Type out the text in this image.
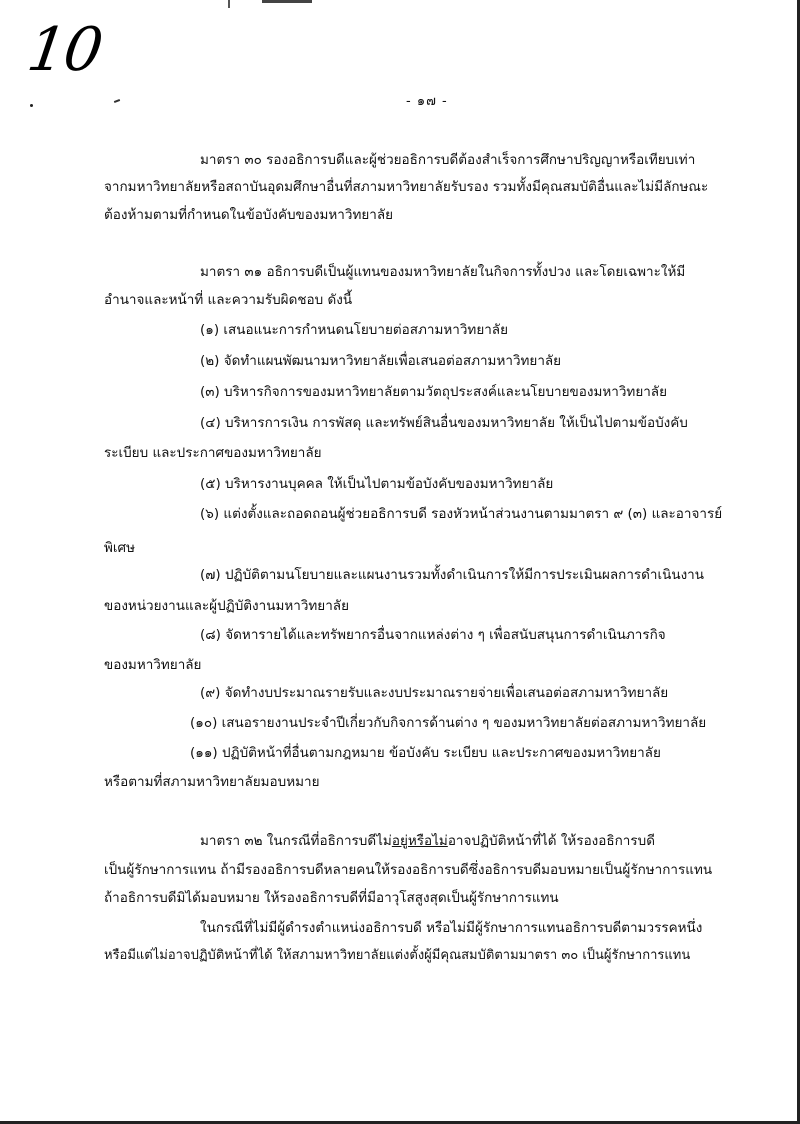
10
- ๑๗ -
มาตรา ๓๐ รองอธิการบดีและผู้ช่วยอธิการบดีต้องสำเร็จการศึกษาปริญญาหรือเทียบเท่า
จากมหาวิทยาลัยหรือสถาบันอุดมศึกษาอื่นที่สภามหาวิทยาลัยรับรอง รวมทั้งมีคุณสมบัติอื่นและไม่มีลักษณะ
ต้องห้ามตามที่กำหนดในข้อบังคับของมหาวิทยาลัย
มาตรา ๓๑ อธิการบดีเป็นผู้แทนของมหาวิทยาลัยในกิจการทั้งปวง และโดยเฉพาะให้มี
อำนาจและหน้าที่ และความรับผิดชอบ ดังนี้
(๑) เสนอแนะการกำหนดนโยบายต่อสภามหาวิทยาลัย
(๒) จัดทำแผนพัฒนามหาวิทยาลัยเพื่อเสนอต่อสภามหาวิทยาลัย
(๓) บริหารกิจการของมหาวิทยาลัยตามวัตถุประสงค์และนโยบายของมหาวิทยาลัย
(๔) บริหารการเงิน การพัสดุ และทรัพย์สินอื่นของมหาวิทยาลัย ให้เป็นไปตามข้อบังคับ
ระเบียบ และประกาศของมหาวิทยาลัย
(๕) บริหารงานบุคคล ให้เป็นไปตามข้อบังคับของมหาวิทยาลัย
(๖) แต่งตั้งและถอดถอนผู้ช่วยอธิการบดี รองหัวหน้าส่วนงานตามมาตรา ๙ (๓) และอาจารย์
พิเศษ
(๗) ปฏิบัติตามนโยบายและแผนงานรวมทั้งดำเนินการให้มีการประเมินผลการดำเนินงาน
ของหน่วยงานและผู้ปฏิบัติงานมหาวิทยาลัย
(๘) จัดหารายได้และทรัพยากรอื่นจากแหล่งต่าง ๆ เพื่อสนับสนุนการดำเนินภารกิจ
ของมหาวิทยาลัย
(๙) จัดทำงบประมาณรายรับและงบประมาณรายจ่ายเพื่อเสนอต่อสภามหาวิทยาลัย
(๑๐) เสนอรายงานประจำปีเกี่ยวกับกิจการด้านต่าง ๆ ของมหาวิทยาลัยต่อสภามหาวิทยาลัย
(๑๑) ปฏิบัติหน้าที่อื่นตามกฎหมาย ข้อบังคับ ระเบียบ และประกาศของมหาวิทยาลัย
หรือตามที่สภามหาวิทยาลัยมอบหมาย
มาตรา ๓๒ ในกรณีที่อธิการบดีไม่อยู่หรือไม่อาจปฏิบัติหน้าที่ได้ ให้รองอธิการบดี
เป็นผู้รักษาการแทน ถ้ามีรองอธิการบดีหลายคนให้รองอธิการบดีซึ่งอธิการบดีมอบหมายเป็นผู้รักษาการแทน
ถ้าอธิการบดีมิได้มอบหมาย ให้รองอธิการบดีที่มีอาวุโสสูงสุดเป็นผู้รักษาการแทน
ในกรณีที่ไม่มีผู้ดำรงตำแหน่งอธิการบดี หรือไม่มีผู้รักษาการแทนอธิการบดีตามวรรคหนึ่ง
หรือมีแต่ไม่อาจปฏิบัติหน้าที่ได้ ให้สภามหาวิทยาลัยแต่งตั้งผู้มีคุณสมบัติตามมาตรา ๓๐ เป็นผู้รักษาการแทน
